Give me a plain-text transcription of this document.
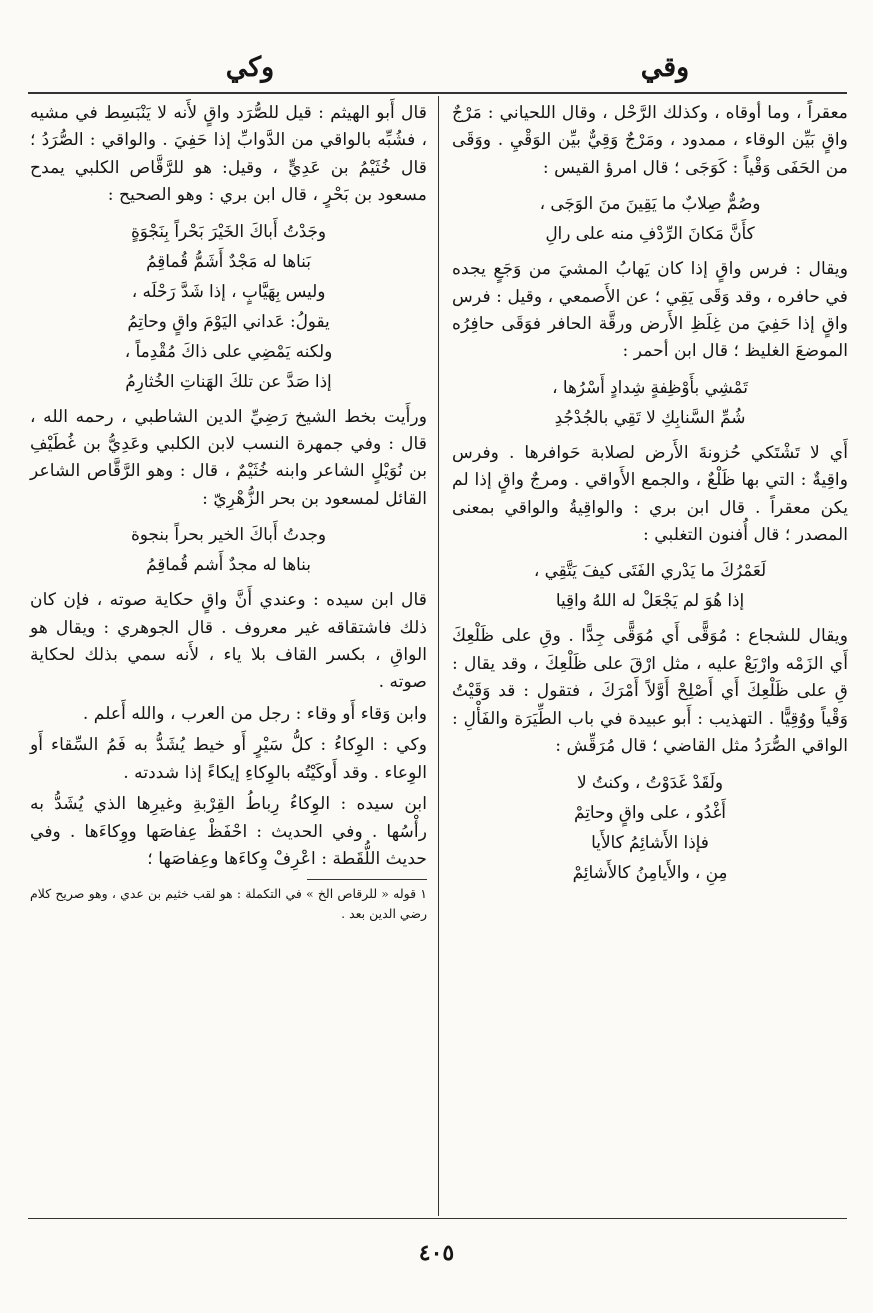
وقي
وكي

معقراً ، وما أوقاه ، وكذلك الرَّحْل ، وقال اللحياني : مَرْجٌ واقٍ بَيِّن الوقاء ، ممدود ، ومَرْجٌ وَقِيٌّ بيِّن الوَقْيِ . ووَقَى من الحَفَى وَقْياً : كَوَجَى ؛ قال امرؤ القيس :

وصُمٌّ صِلابٌ ما يَقِينَ منَ الوَجَى ،
كأَنَّ مَكانَ الرِّدْفِ منه على رالِ

ويقال : فرس واقٍ إذا كان يَهابُ المشيَ من وَجَعٍ يجده في حافره ، وقد وَقَى يَقِي ؛ عن الأَصمعي ، وقيل : فرس واقٍ إذا حَفِيَ من غِلَظِ الأَرض ورقَّة الحافر فوَقَى حافِرُه الموضعَ الغليظ ؛ قال ابن أحمر :

تَمْشِي بأَوْظِفةٍ شِدادٍ أَسْرُها ،
شُمِّ السَّنابِكِ لا تَقِي بالجُدْجُدِ

أَي لا تَشْتَكي حُزونةَ الأَرض لصلابة حَوافرها . وفرس واقِيةٌ : التي بها ظَلْعٌ ، والجمع الأَواقي . ومرجٌ واقٍ إذا لم يكن معقراً . قال ابن بري : والواقِيةُ والواقي بمعنى المصدر ؛ قال أُفنون التغلبي :

لَعَمْرُكَ ما يَدْري الفَتَى كيفَ يَتَّقِي ،
إذا هُوَ لم يَجْعَلْ له اللهُ واقِيا

ويقال للشجاع : مُوَقًّى أَي مُوَقًّى جِدًّا . وقِ على ظَلْعِكَ أَي الزَمْه وارْبَعْ عليه ، مثل ارْقَ على ظَلْعِكَ ، وقد يقال : قِ على ظَلْعِكَ أَي أَصْلِحْ أَوَّلاً أَمْرَكَ ، فتقول : قد وَقَيْتُ وَقْياً ووُقِيًّا . التهذيب : أَبو عبيدة في باب الطِّيَرَة والفَأْلِ : الواقي الصُّرَدُ مثل القاضي ؛ قال مُرَقِّش :

ولَقَدْ غَدَوْتُ ، وكنتُ لا
أَغْدُو ، على واقٍ وحاتِمْ
فإذا الأَشائِمُ كالأَيا
مِنِ ، والأَيامِنُ كالأَشائِمْ

قال أَبو الهيثم : قيل للصُّرَد واقٍ لأَنه لا يَنْبَسِط في مشيه ، فشُبِّه بالواقي من الدَّوابِّ إذا حَفِيَ . والواقي : الصُّرَدُ ؛ قال خُثَيْمُ بن عَدِيٍّ ، وقيل: هو للرَّقَّاص الكلبي يمدح مسعود بن بَحْرٍ ، قال ابن بري : وهو الصحيح :

وجَدْتُ أَباكَ الخَيْرَ بَحْراً بِنَجْوَةٍ
بَناها له مَجْدٌ أَشَمُّ قُماقِمُ
وليس بِهَيَّابٍ ، إذا شَدَّ رَحْلَه ،
يقولُ: عَداني اليَوْمَ واقٍ وحاتِمُ
ولكنه يَمْضِي على ذاكَ مُقْدِماً ،
إذا صَدَّ عن تلكَ الهَناتِ الخُثارِمُ

ورأَيت بخط الشيخ رَضِيِّ الدين الشاطبي ، رحمه الله ، قال : وفي جمهرة النسب لابن الكلبي وعَدِيُّ بن غُطَيْفِ بن نُوَيْلٍ الشاعر وابنه خُثَيْمٌ ، قال : وهو الرَّقَّاص الشاعر القائل لمسعود بن بحر الزُّهْرِيّ :

وجدتُ أَباكَ الخير بحراً بنجوة
بناها له مجدٌ أَشم قُماقِمُ

قال ابن سيده : وعندي أَنَّ واقٍ حكاية صوته ، فإن كان ذلك فاشتقاقه غير معروف . قال الجوهري : ويقال هو الواقِ ، بكسر القاف بلا ياء ، لأَنه سمي بذلك لحكاية صوته .

وابن وَقاء أَو وقاء : رجل من العرب ، والله أَعلم .

وكي : الوِكاءُ : كلُّ سَيْرٍ أَو خيط يُشَدُّ به فَمُ السِّقاء أَو الوِعاء . وقد أَوكَيْتُه بالوِكاءِ إيكاءً إذا شددته .

ابن سيده : الوِكاءُ رِباطُ القِرْبةِ وغيرِها الذي يُشَدُّ به رأْسُها . وفي الحديث : احْفَظْ عِفاصَها ووِكاءَها . وفي حديث اللُّقَطة : اعْرِفْ وِكاءَها وعِفاصَها ؛

١ قوله « للرقاص الخ » في التكملة : هو لقب خثيم بن عدي ، وهو صريح كلام رضي الدين بعد .
٤٠٥
